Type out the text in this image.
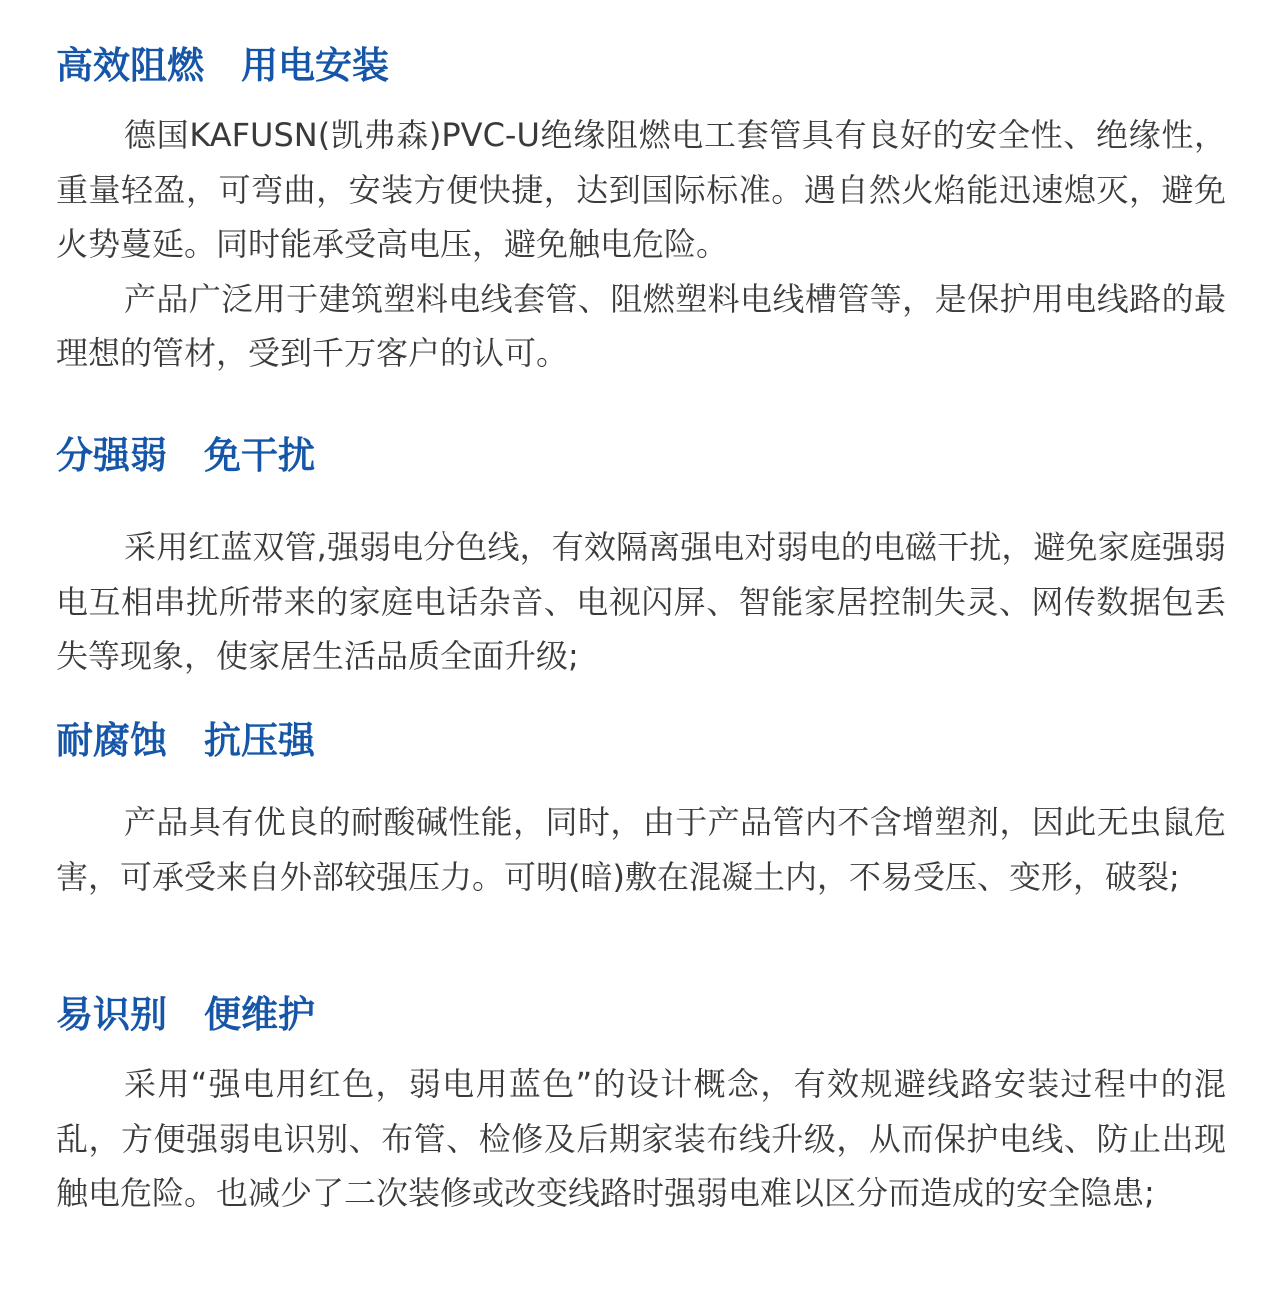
高效阻燃　用电安装

德国KAFUSN(凯弗森)PVC-U绝缘阻燃电工套管具有良好的安全性、绝缘性，重量轻盈，可弯曲，安装方便快捷，达到国际标准。遇自然火焰能迅速熄灭，避免火势蔓延。同时能承受高电压，避免触电危险。

产品广泛用于建筑塑料电线套管、阻燃塑料电线槽管等，是保护用电线路的最理想的管材，受到千万客户的认可。

分强弱　免干扰

采用红蓝双管,强弱电分色线，有效隔离强电对弱电的电磁干扰，避免家庭强弱电互相串扰所带来的家庭电话杂音、电视闪屏、智能家居控制失灵、网传数据包丢失等现象，使家居生活品质全面升级;

耐腐蚀　抗压强

产品具有优良的耐酸碱性能，同时，由于产品管内不含增塑剂，因此无虫鼠危害，可承受来自外部较强压力。可明(暗)敷在混凝土内，不易受压、变形，破裂;

易识别　便维护

采用“强电用红色，弱电用蓝色”的设计概念，有效规避线路安装过程中的混乱，方便强弱电识别、布管、检修及后期家装布线升级，从而保护电线、防止出现触电危险。也减少了二次装修或改变线路时强弱电难以区分而造成的安全隐患;
